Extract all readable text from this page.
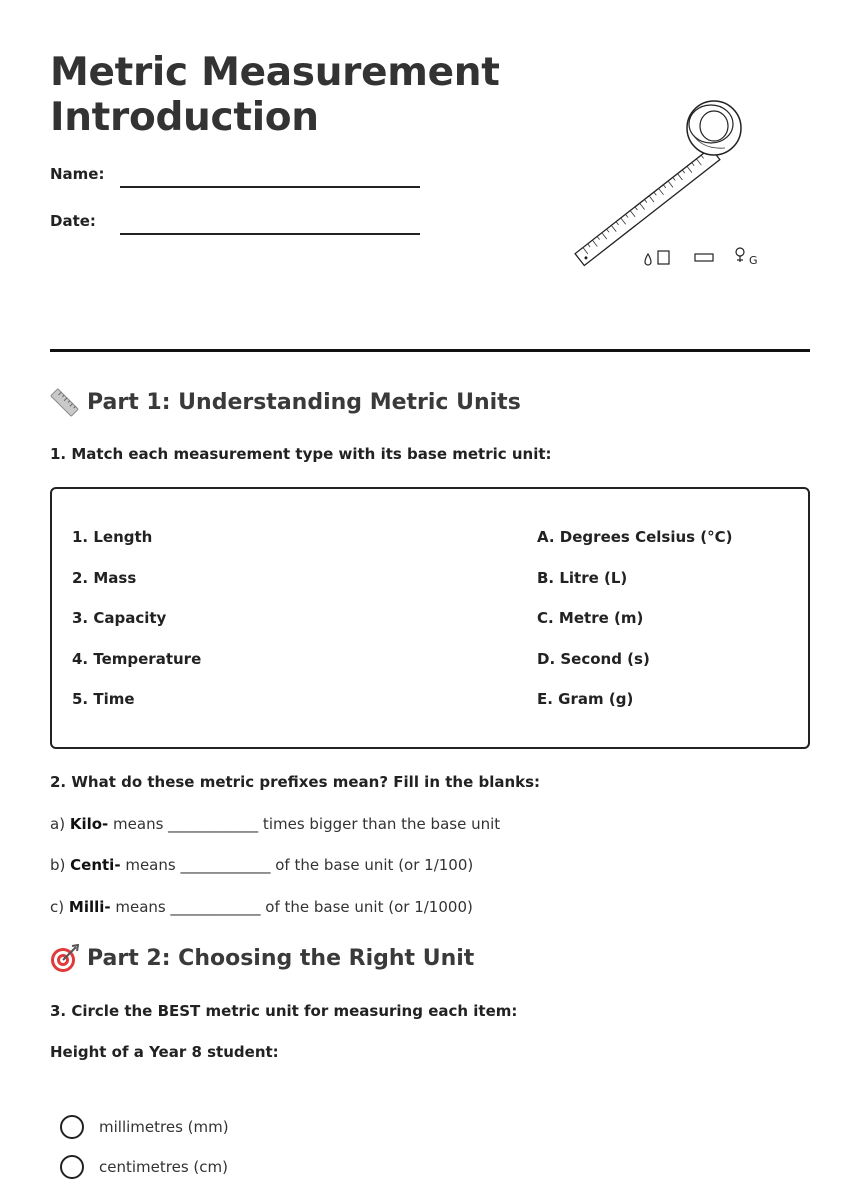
Metric Measurement
Introduction
Name:
Date:
G
Part 1: Understanding Metric Units

1. Match each measurement type with its base metric unit:

1. Length
2. Mass
3. Capacity
4. Temperature
5. Time
A. Degrees Celsius (°C)
B. Litre (L)
C. Metre (m)
D. Second (s)
E. Gram (g)

2. What do these metric prefixes mean? Fill in the blanks:

a) Kilo- means ____________ times bigger than the base unit

b) Centi- means ____________ of the base unit (or 1/100)

c) Milli- means ____________ of the base unit (or 1/1000)

Part 2: Choosing the Right Unit

3. Circle the BEST metric unit for measuring each item:

Height of a Year 8 student:

millimetres (mm)
centimetres (cm)
